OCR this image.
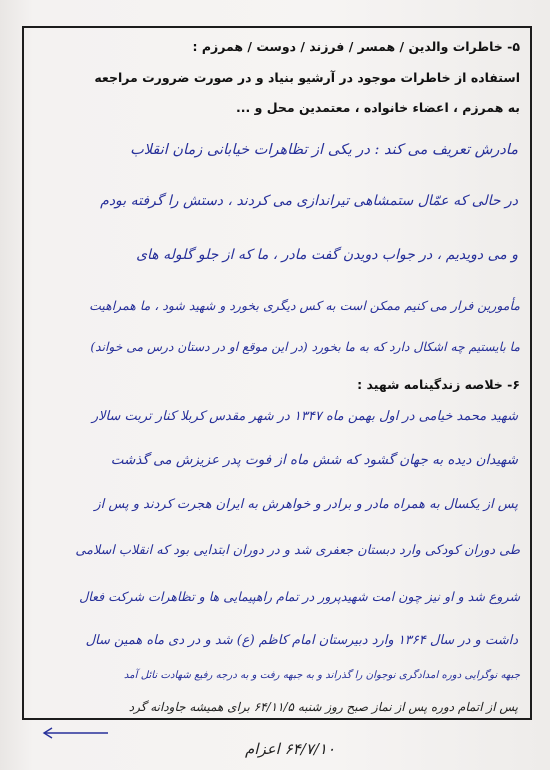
۵- خاطرات والدین / همسر / فرزند / دوست / همرزم :
استفاده از خاطرات موجود در آرشیو بنیاد و در صورت ضرورت مراجعه
به همرزم ، اعضاء خانواده ، معتمدین محل و ...
مادرش تعریف می کند : در یکی از تظاهرات خیابانی زمان انقلاب
در حالی که عمّال ستمشاهی تیراندازی می کردند ، دستش را گرفته بودم
و می دویدیم ، در جواب دویدن گفت مادر ، ما که از جلو گلوله های
مأمورین فرار می کنیم ممکن است به کس دیگری بخورد و شهید شود ، ما همراهیت
ما بایستیم چه اشکال دارد که به ما بخورد (در این موقع او در دستان درس می خواند)
۶- خلاصه زندگینامه شهید :
شهید محمد خیامی در اول بهمن ماه ۱۳۴۷ در شهر مقدس کربلا کنار تربت سالار
شهیدان دیده به جهان گشود که شش ماه از فوت پدر عزیزش می گذشت
پس از یکسال به همراه مادر و برادر و خواهرش به ایران هجرت کردند و پس از
طی دوران کودکی وارد دبستان جعفری شد و در دوران ابتدایی بود که انقلاب اسلامی
شروع شد و او نیز چون امت شهیدپرور در تمام راهپیمایی ها و تظاهرات شرکت فعال
داشت و در سال ۱۳۶۴ وارد دبیرستان امام کاظم (ع) شد و در دی ماه همین سال
جبهه نوگرایی دوره امدادگری نوجوان را گذراند و به جبهه رفت و به درجه رفیع شهادت نائل آمد
پس از اتمام دوره پس از نماز صبح روز شنبه ۶۴/۱۱/۵ برای همیشه جاودانه گرد
۶۴/۷/۱۰ اعزام
